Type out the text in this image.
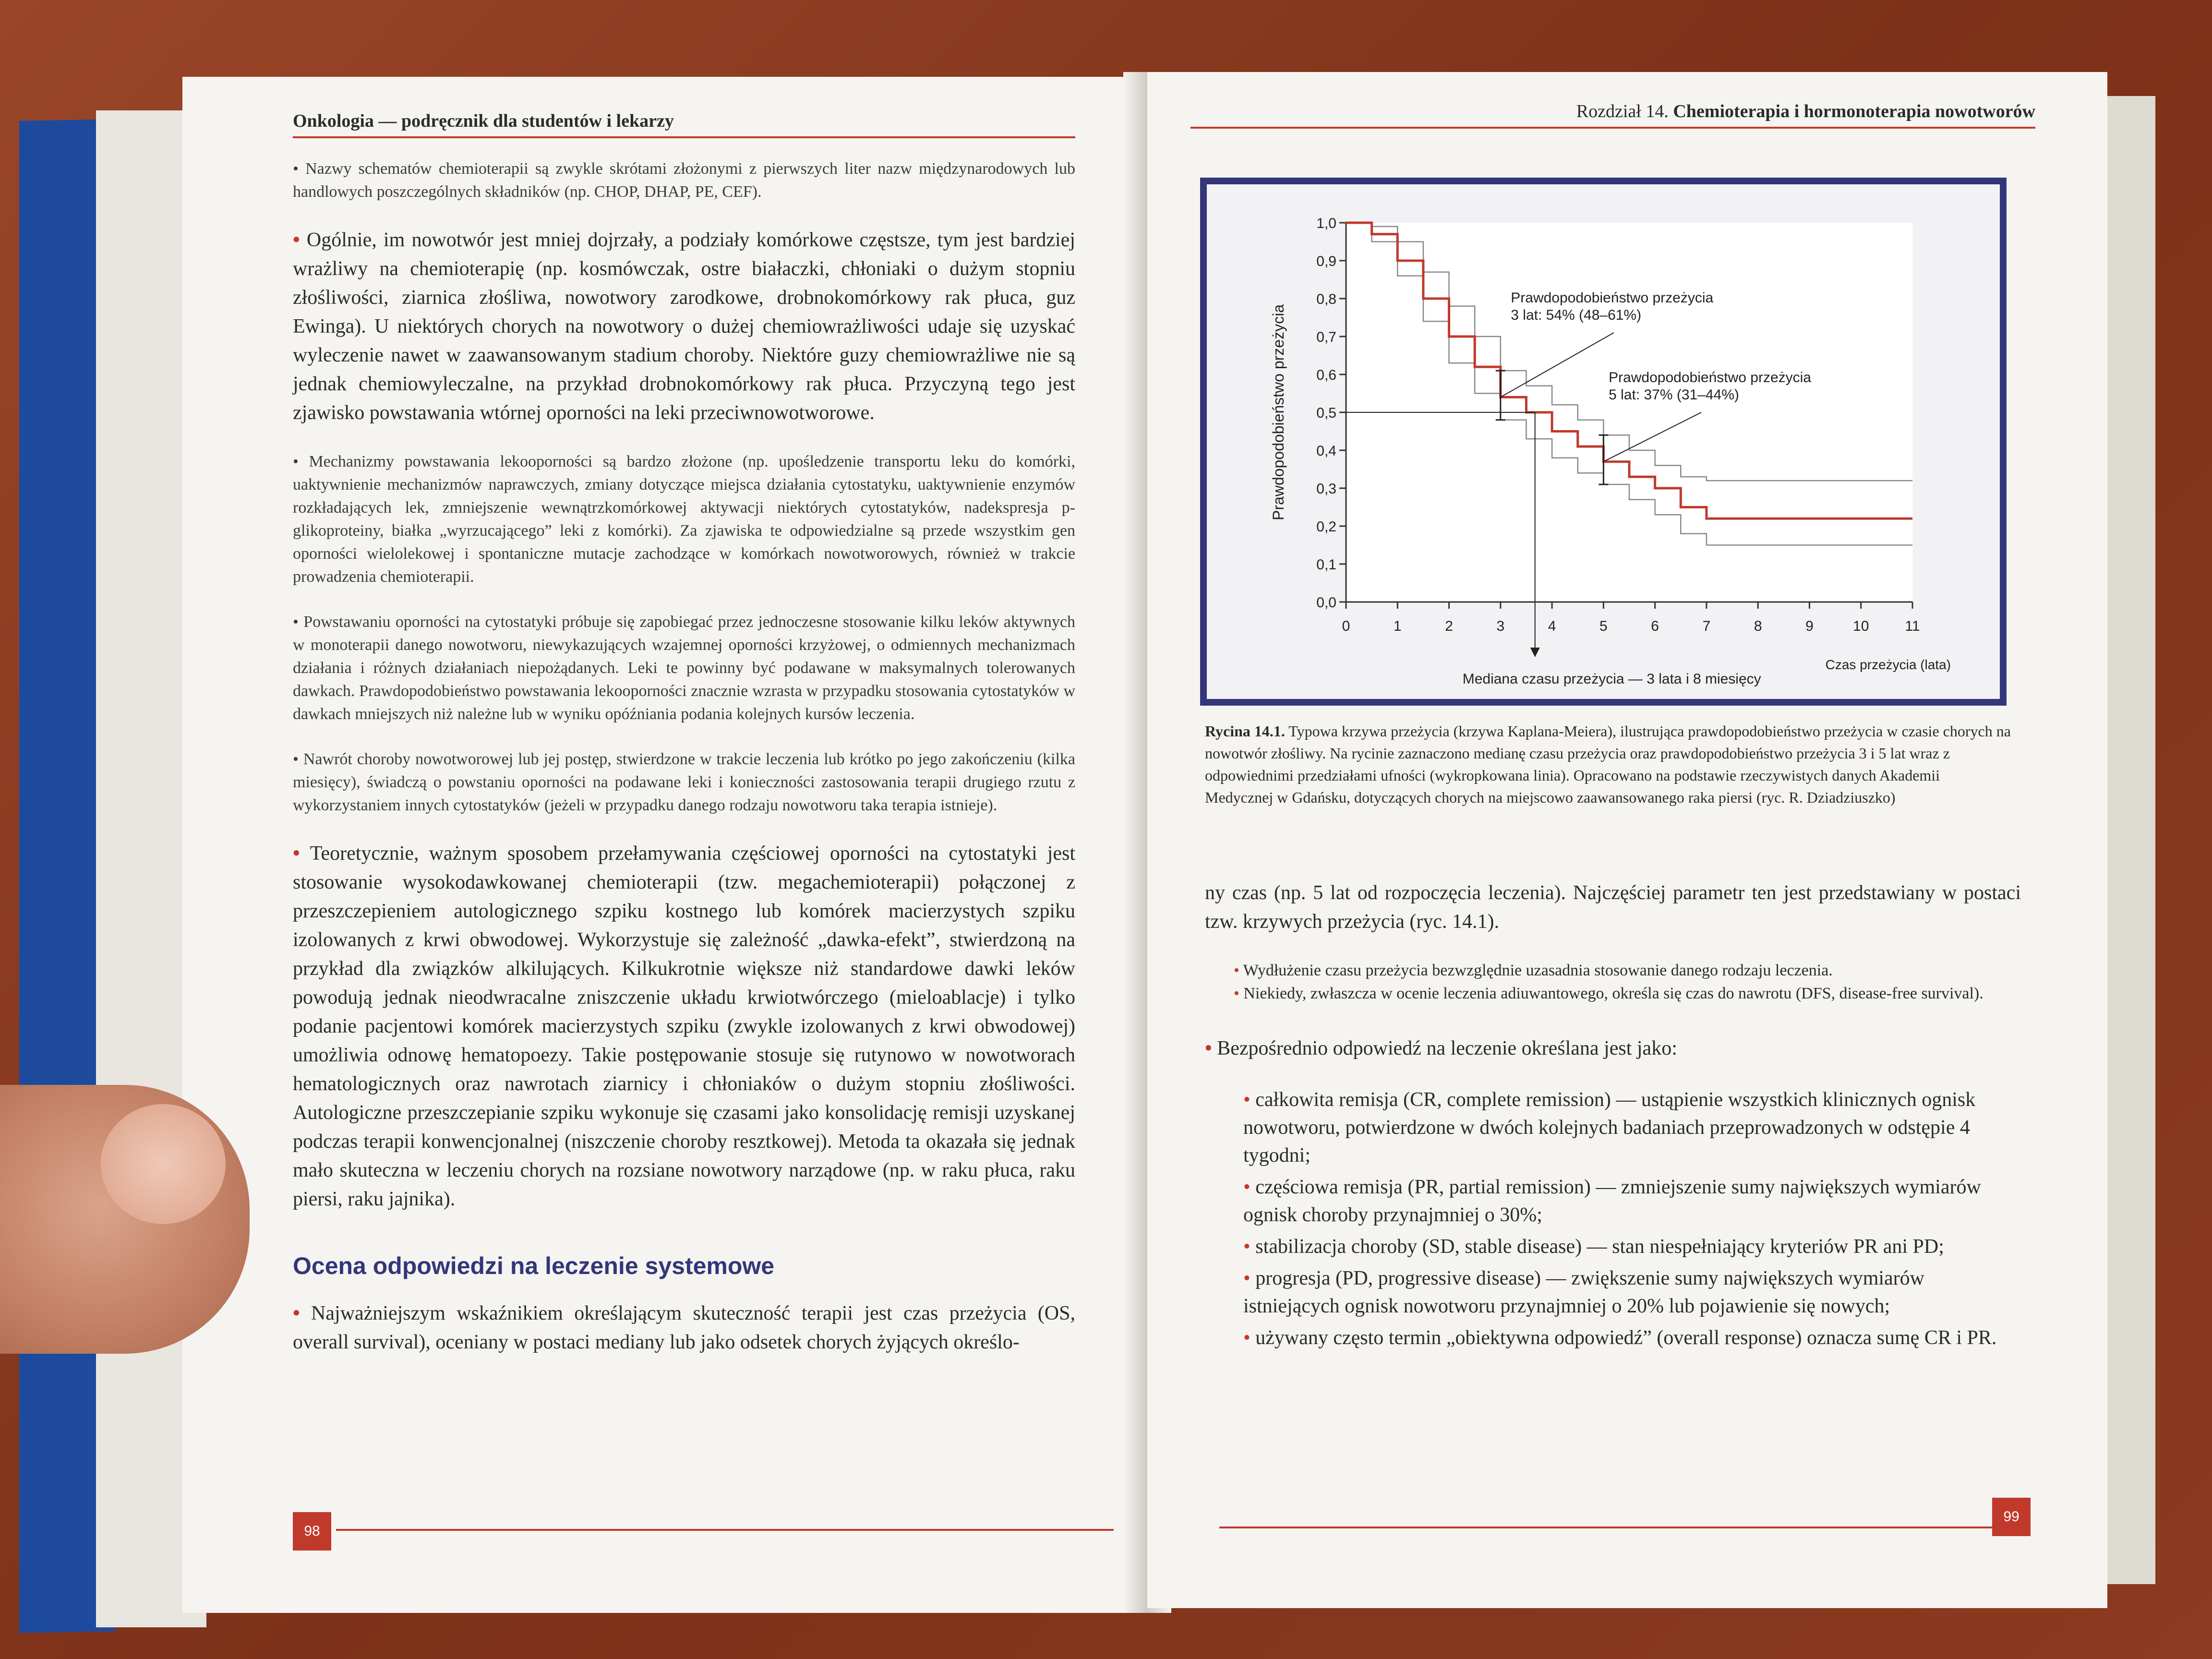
Onkologia — podręcznik dla studentów i lekarzy

• Nazwy schematów chemioterapii są zwykle skrótami złożonymi z pierwszych liter nazw międzynarodowych lub handlowych poszczególnych składników (np. CHOP, DHAP, PE, CEF).

• Ogólnie, im nowotwór jest mniej dojrzały, a podziały komórkowe częstsze, tym jest bardziej wrażliwy na chemioterapię (np. kosmówczak, ostre białaczki, chłoniaki o dużym stopniu złośliwości, ziarnica złośliwa, nowotwory zarodkowe, drobnokomórkowy rak płuca, guz Ewinga). U niektórych chorych na nowotwory o dużej chemiowrażliwości udaje się uzyskać wyleczenie nawet w zaawansowanym stadium choroby. Niektóre guzy chemiowrażliwe nie są jednak chemiowyleczalne, na przykład drobnokomórkowy rak płuca. Przyczyną tego jest zjawisko powstawania wtórnej oporności na leki przeciwnowotworowe.

• Mechanizmy powstawania lekooporności są bardzo złożone (np. upośledzenie transportu leku do komórki, uaktywnienie mechanizmów naprawczych, zmiany dotyczące miejsca działania cytostatyku, uaktywnienie enzymów rozkładających lek, zmniejszenie wewnątrzkomórkowej aktywacji niektórych cytostatyków, nadekspresja p-glikoproteiny, białka „wyrzucającego” leki z komórki). Za zjawiska te odpowiedzialne są przede wszystkim gen oporności wielolekowej i spontaniczne mutacje zachodzące w komórkach nowotworowych, również w trakcie prowadzenia chemioterapii.

• Powstawaniu oporności na cytostatyki próbuje się zapobiegać przez jednoczesne stosowanie kilku leków aktywnych w monoterapii danego nowotworu, niewykazujących wzajemnej oporności krzyżowej, o odmiennych mechanizmach działania i różnych działaniach niepożądanych. Leki te powinny być podawane w maksymalnych tolerowanych dawkach. Prawdopodobieństwo powstawania lekooporności znacznie wzrasta w przypadku stosowania cytostatyków w dawkach mniejszych niż należne lub w wyniku opóźniania podania kolejnych kursów leczenia.

• Nawrót choroby nowotworowej lub jej postęp, stwierdzone w trakcie leczenia lub krótko po jego zakończeniu (kilka miesięcy), świadczą o powstaniu oporności na podawane leki i konieczności zastosowania terapii drugiego rzutu z wykorzystaniem innych cytostatyków (jeżeli w przypadku danego rodzaju nowotworu taka terapia istnieje).

• Teoretycznie, ważnym sposobem przełamywania częściowej oporności na cytostatyki jest stosowanie wysokodawkowanej chemioterapii (tzw. megachemioterapii) połączonej z przeszczepieniem autologicznego szpiku kostnego lub komórek macierzystych szpiku izolowanych z krwi obwodowej. Wykorzystuje się zależność „dawka-efekt”, stwierdzoną na przykład dla związków alkilujących. Kilkukrotnie większe niż standardowe dawki leków powodują jednak nieodwracalne zniszczenie układu krwiotwórczego (mieloablacje) i tylko podanie pacjentowi komórek macierzystych szpiku (zwykle izolowanych z krwi obwodowej) umożliwia odnowę hematopoezy. Takie postępowanie stosuje się rutynowo w nowotworach hematologicznych oraz nawrotach ziarnicy i chłoniaków o dużym stopniu złośliwości. Autologiczne przeszczepianie szpiku wykonuje się czasami jako konsolidację remisji uzyskanej podczas terapii konwencjonalnej (niszczenie choroby resztkowej). Metoda ta okazała się jednak mało skuteczna w leczeniu chorych na rozsiane nowotwory narządowe (np. w raku płuca, raku piersi, raku jajnika).

Ocena odpowiedzi na leczenie systemowe

• Najważniejszym wskaźnikiem określającym skuteczność terapii jest czas przeżycia (OS, overall survival), oceniany w postaci mediany lub jako odsetek chorych żyjących określo-

98
Rozdział 14. Chemioterapia i hormonoterapia nowotworów
0,0
0,1
0,2
0,3
0,4
0,5
0,6
0,7
0,8
0,9
1,0
0	1	2	3	4	5	6	7	8	9	10	11
Prawdopodobieństwo przeżycia
Czas przeżycia (lata)
Mediana czasu przeżycia — 3 lata i 8 miesięcy
Prawdopodobieństwo przeżycia
3 lat: 54% (48–61%)
Prawdopodobieństwo przeżycia
5 lat: 37% (31–44%)
Rycina 14.1. Typowa krzywa przeżycia (krzywa Kaplana-Meiera), ilustrująca prawdopodobieństwo przeżycia w czasie chorych na nowotwór złośliwy. Na rycinie zaznaczono medianę czasu przeżycia oraz prawdopodobieństwo przeżycia 3 i 5 lat wraz z odpowiednimi przedziałami ufności (wykropkowana linia). Opracowano na podstawie rzeczywistych danych Akademii Medycznej w Gdańsku, dotyczących chorych na miejscowo zaawansowanego raka piersi (ryc. R. Dziadziuszko)

ny czas (np. 5 lat od rozpoczęcia leczenia). Najczęściej parametr ten jest przedstawiany w postaci tzw. krzywych przeżycia (ryc. 14.1).

• Wydłużenie czasu przeżycia bezwzględnie uzasadnia stosowanie danego rodzaju leczenia.
• Niekiedy, zwłaszcza w ocenie leczenia adiuwantowego, określa się czas do nawrotu (DFS, disease-free survival).

• Bezpośrednio odpowiedź na leczenie określana jest jako:

• całkowita remisja (CR, complete remission) — ustąpienie wszystkich klinicznych ognisk nowotworu, potwierdzone w dwóch kolejnych badaniach przeprowadzonych w odstępie 4 tygodni;
• częściowa remisja (PR, partial remission) — zmniejszenie sumy największych wymiarów ognisk choroby przynajmniej o 30%;
• stabilizacja choroby (SD, stable disease) — stan niespełniający kryteriów PR ani PD;
• progresja (PD, progressive disease) — zwiększenie sumy największych wymiarów istniejących ognisk nowotworu przynajmniej o 20% lub pojawienie się nowych;
• używany często termin „obiektywna odpowiedź” (overall response) oznacza sumę CR i PR.
99
